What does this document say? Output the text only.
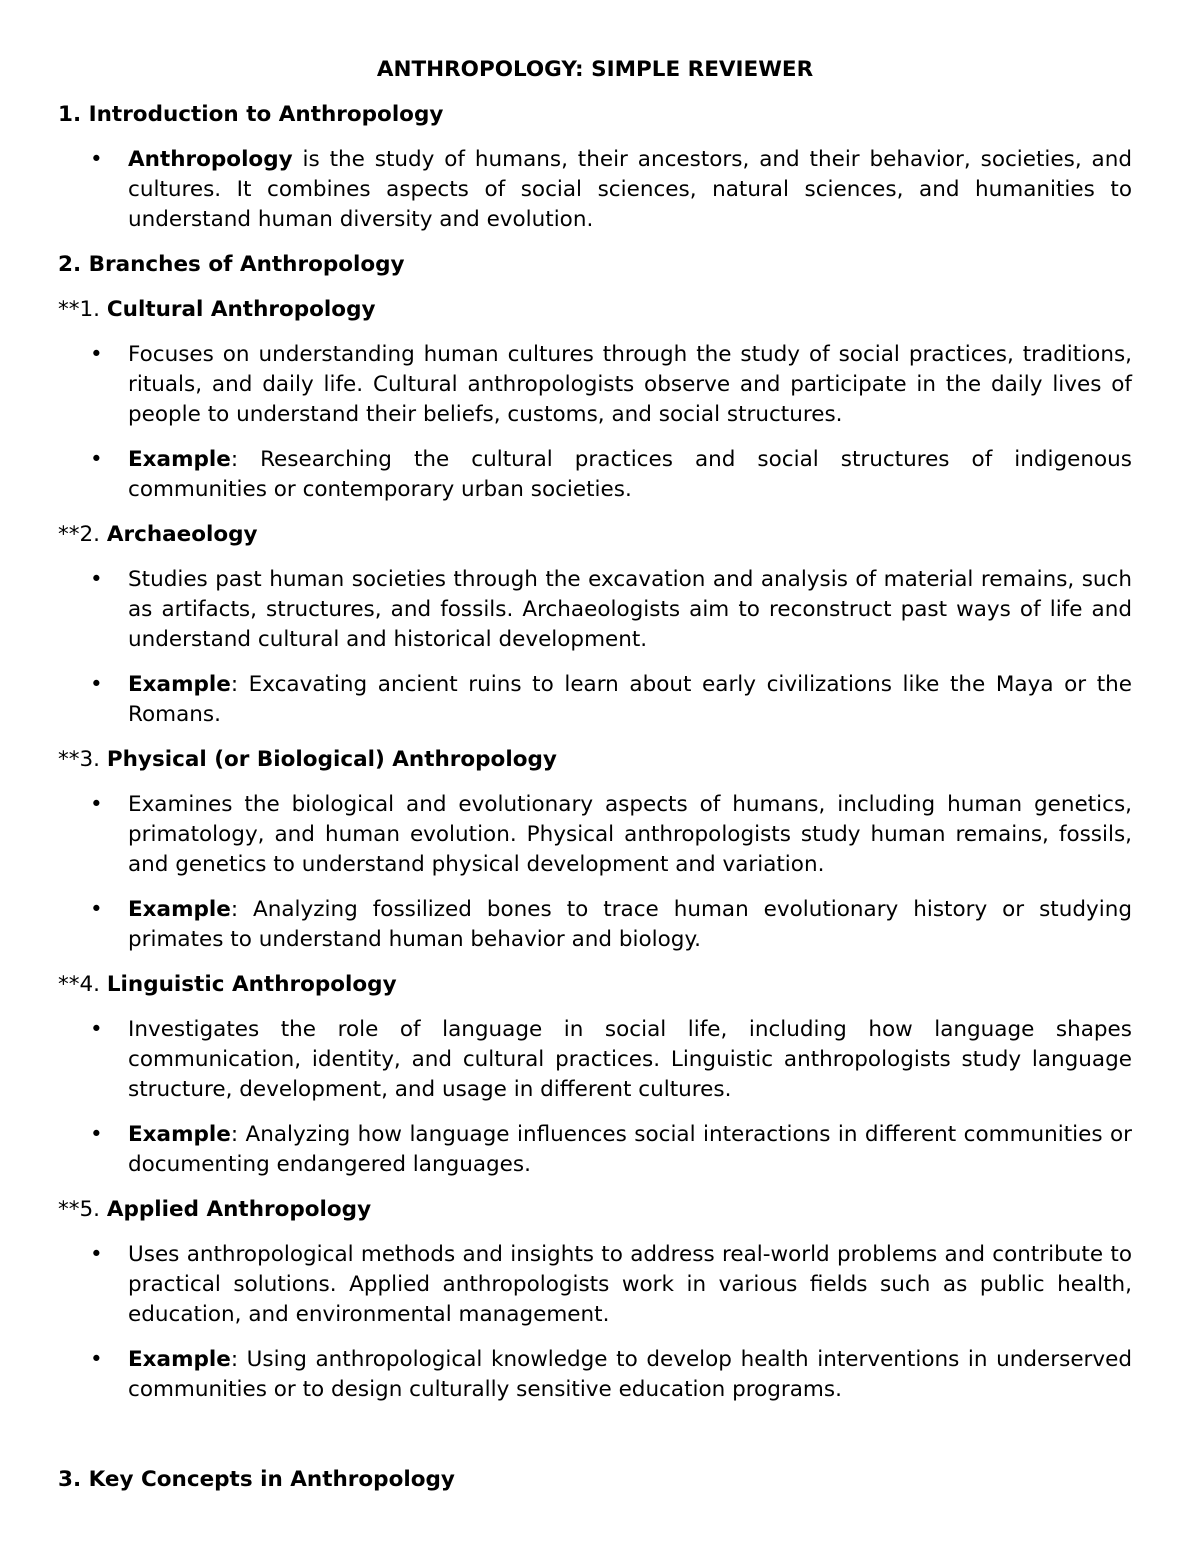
ANTHROPOLOGY: SIMPLE REVIEWER
1. Introduction to Anthropology
• Anthropology is the study of humans, their ancestors, and their behavior, societies, and cultures. It combines aspects of social sciences, natural sciences, and humanities to understand human diversity and evolution.
2. Branches of Anthropology
**1. Cultural Anthropology
• Focuses on understanding human cultures through the study of social practices, traditions, rituals, and daily life. Cultural anthropologists observe and participate in the daily lives of people to understand their beliefs, customs, and social structures.
• Example: Researching the cultural practices and social structures of indigenous communities or contemporary urban societies.
**2. Archaeology
• Studies past human societies through the excavation and analysis of material remains, such as artifacts, structures, and fossils. Archaeologists aim to reconstruct past ways of life and understand cultural and historical development.
• Example: Excavating ancient ruins to learn about early civilizations like the Maya or the Romans.
**3. Physical (or Biological) Anthropology
• Examines the biological and evolutionary aspects of humans, including human genetics, primatology, and human evolution. Physical anthropologists study human remains, fossils, and genetics to understand physical development and variation.
• Example: Analyzing fossilized bones to trace human evolutionary history or studying primates to understand human behavior and biology.
**4. Linguistic Anthropology
• Investigates the role of language in social life, including how language shapes communication, identity, and cultural practices. Linguistic anthropologists study language structure, development, and usage in different cultures.
• Example: Analyzing how language influences social interactions in different communities or documenting endangered languages.
**5. Applied Anthropology
• Uses anthropological methods and insights to address real-world problems and contribute to practical solutions. Applied anthropologists work in various fields such as public health, education, and environmental management.
• Example: Using anthropological knowledge to develop health interventions in underserved communities or to design culturally sensitive education programs.
3. Key Concepts in Anthropology
